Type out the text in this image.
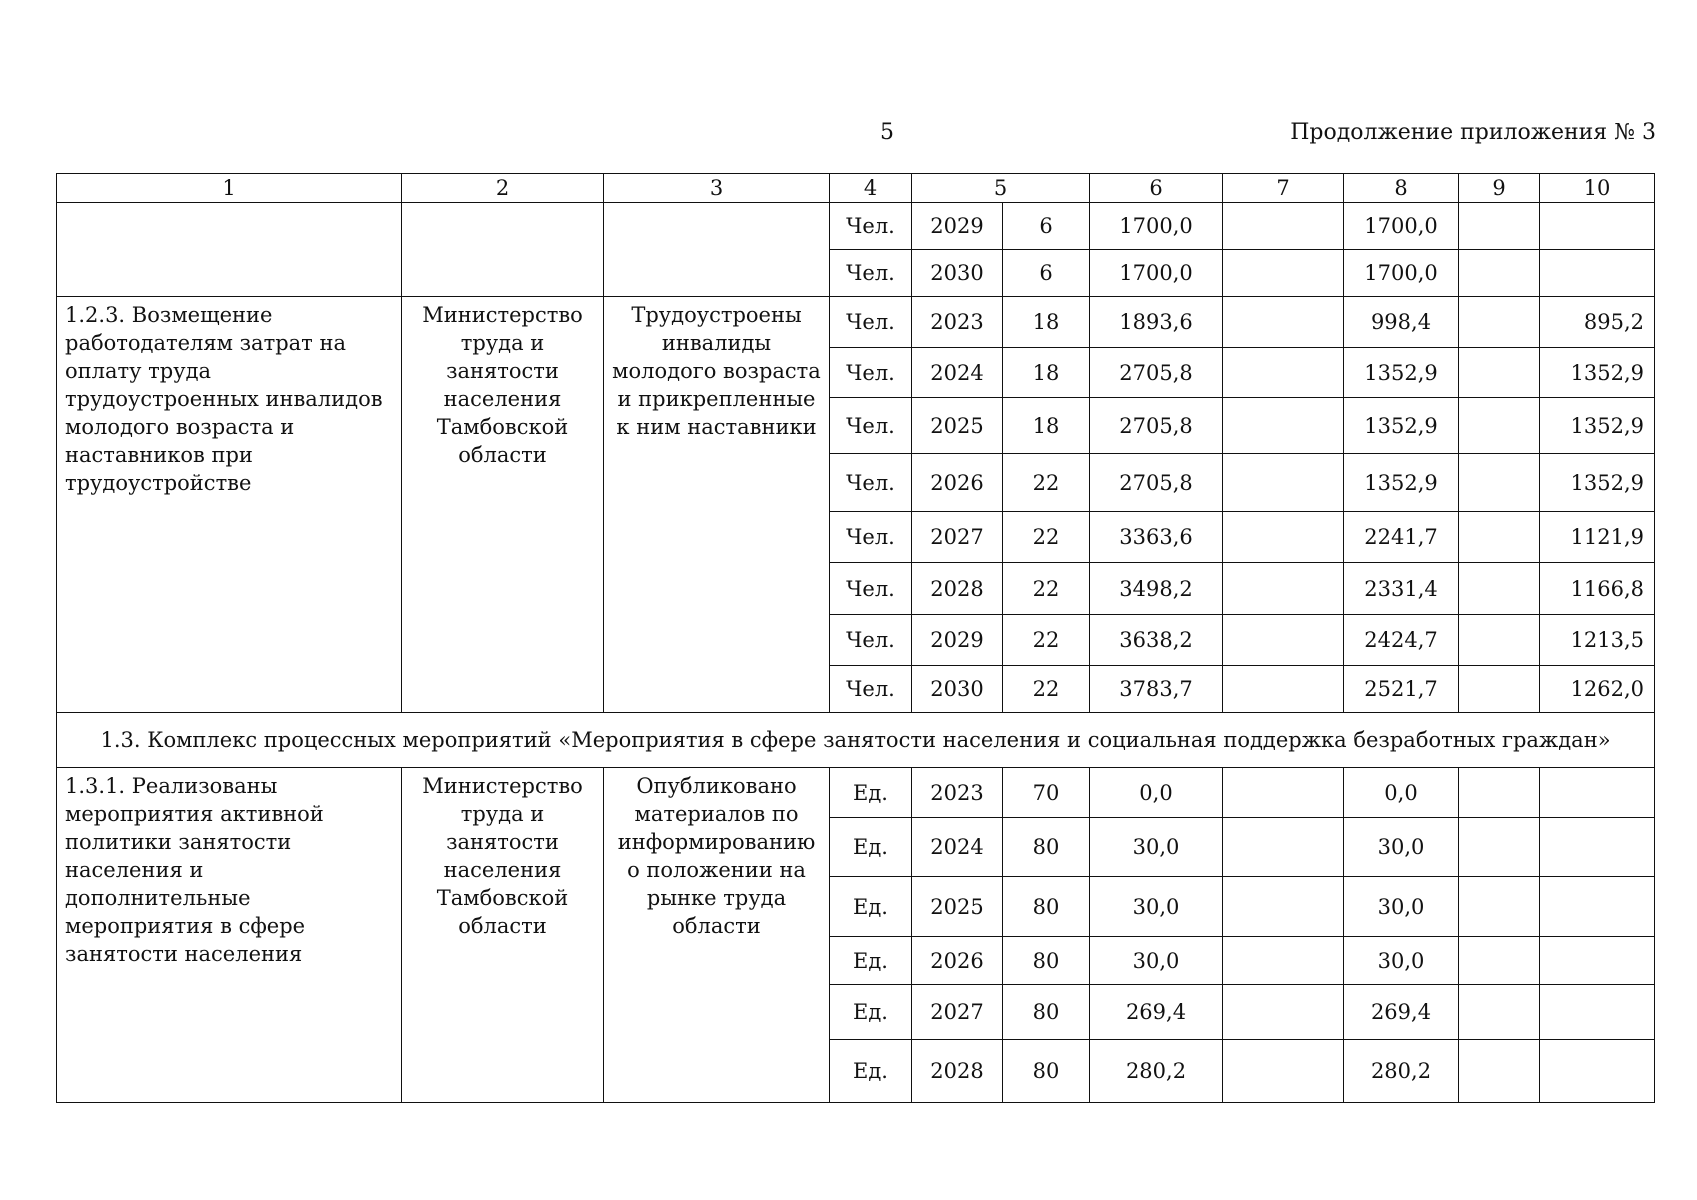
5	Продолжение приложения № 3
1	2	3	4	5		6	7	8	9	10
			Чел.	2029	6	1700,0		1700,0		
			Чел.	2030	6	1700,0		1700,0		
1.2.3. Возмещение работодателям затрат на оплату труда трудоустроенных инвалидов молодого возраста и наставников при трудоустройстве	Министерство труда и занятости населения Тамбовской области	Трудоустроены инвалиды молодого возраста и прикрепленные к ним наставники	Чел.	2023	18	1893,6		998,4		895,2
			Чел.	2024	18	2705,8		1352,9		1352,9
			Чел.	2025	18	2705,8		1352,9		1352,9
			Чел.	2026	22	2705,8		1352,9		1352,9
			Чел.	2027	22	3363,6		2241,7		1121,9
			Чел.	2028	22	3498,2		2331,4		1166,8
			Чел.	2029	22	3638,2		2424,7		1213,5
			Чел.	2030	22	3783,7		2521,7		1262,0
1.3. Комплекс процессных мероприятий «Мероприятия в сфере занятости населения и социальная поддержка безработных граждан»										
1.3.1. Реализованы мероприятия активной политики занятости населения и дополнительные мероприятия в сфере занятости населения	Министерство труда и занятости населения Тамбовской области	Опубликовано материалов по информированию о положении на рынке труда области	Ед.	2023	70	0,0		0,0		
			Ед.	2024	80	30,0		30,0		
			Ед.	2025	80	30,0		30,0		
			Ед.	2026	80	30,0		30,0		
			Ед.	2027	80	269,4		269,4		
			Ед.	2028	80	280,2		280,2		
